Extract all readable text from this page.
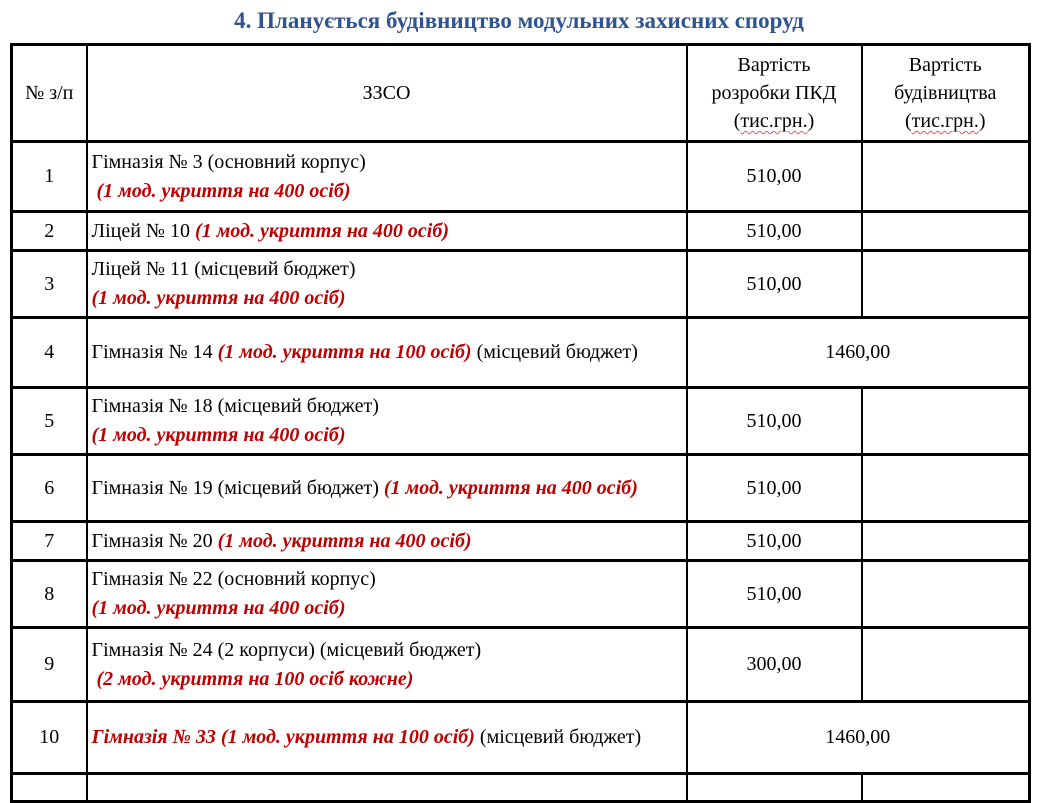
4. Планується будівництво модульних захисних споруд
№ з/п	ЗЗСО	Вартість
розробки ПКД
(тис.грн.)	Вартість
будівництва
(тис.грн.)
1	Гімназія № 3 (основний корпус)
(1 мод. укриття на 400 осіб)	510,00	
2	Ліцей № 10 (1 мод. укриття на 400 осіб)	510,00	
3	Ліцей № 11 (місцевий бюджет)
(1 мод. укриття на 400 осіб)	510,00	
4	Гімназія № 14 (1 мод. укриття на 100 осіб) (місцевий бюджет)	1460,00	
5	Гімназія № 18 (місцевий бюджет)
(1 мод. укриття на 400 осіб)	510,00	
6	Гімназія № 19 (місцевий бюджет) (1 мод. укриття на 400 осіб)	510,00	
7	Гімназія № 20 (1 мод. укриття на 400 осіб)	510,00	
8	Гімназія № 22 (основний корпус)
(1 мод. укриття на 400 осіб)	510,00	
9	Гімназія № 24 (2 корпуси) (місцевий бюджет)
(2 мод. укриття на 100 осіб кожне)	300,00	
10	Гімназія № 33 (1 мод. укриття на 100 осіб) (місцевий бюджет)	1460,00	
